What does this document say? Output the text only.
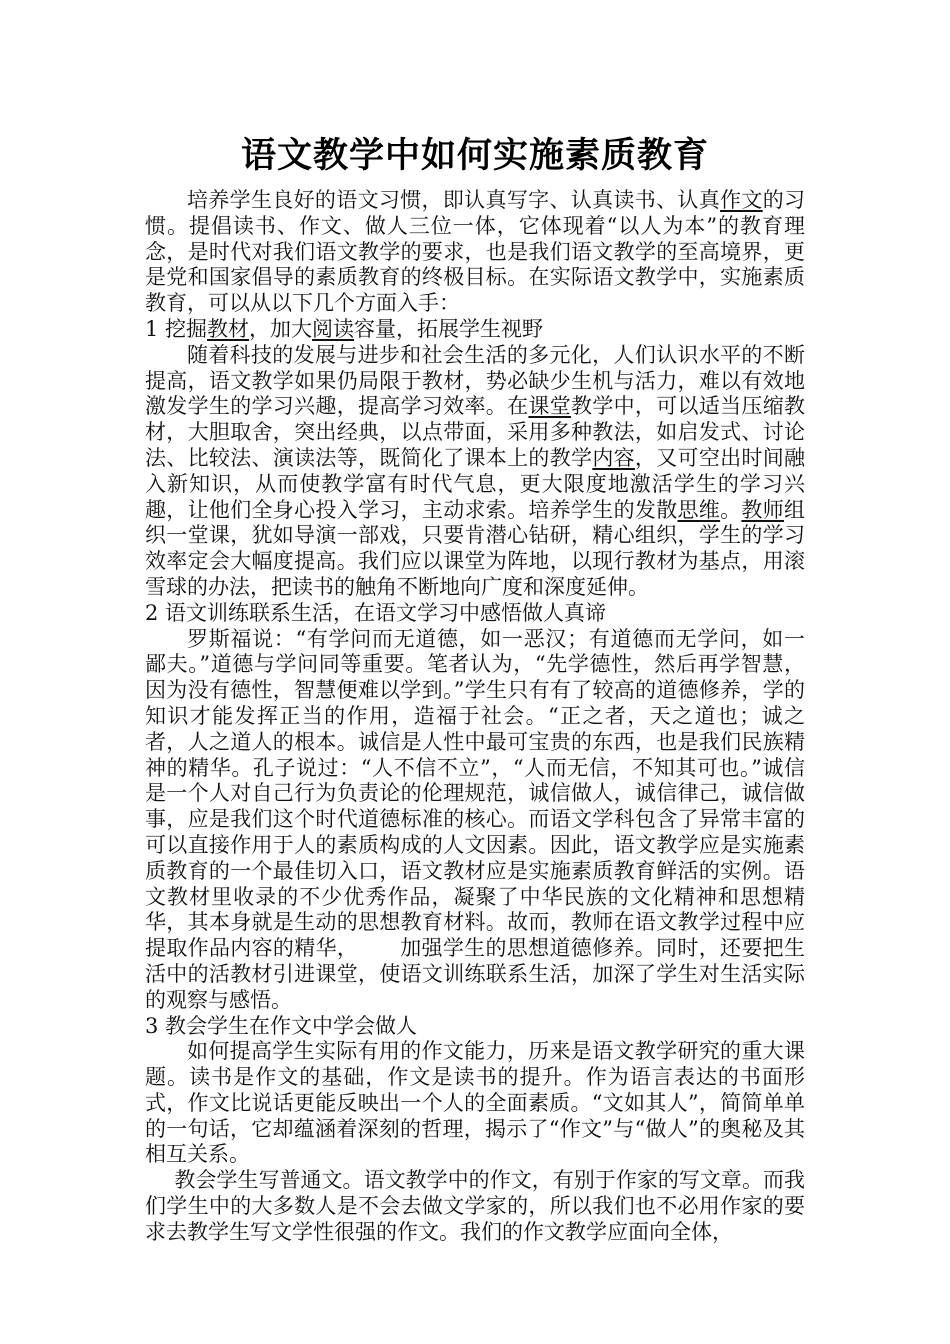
语文教学中如何实施素质教育

培养学生良好的语文习惯，即认真写字、认真读书、认真作文的习惯。提倡读书、作文、做人三位一体，它体现着“以人为本”的教育理念，是时代对我们语文教学的要求，也是我们语文教学的至高境界，更是党和国家倡导的素质教育的终极目标。在实际语文教学中，实施素质教育，可以从以下几个方面入手：

1 挖掘教材，加大阅读容量，拓展学生视野

随着科技的发展与进步和社会生活的多元化，人们认识水平的不断提高，语文教学如果仍局限于教材，势必缺少生机与活力，难以有效地激发学生的学习兴趣，提高学习效率。在课堂教学中，可以适当压缩教材，大胆取舍，突出经典，以点带面，采用多种教法，如启发式、讨论法、比较法、演读法等，既简化了课本上的教学内容，又可空出时间融入新知识，从而使教学富有时代气息，更大限度地激活学生的学习兴趣，让他们全身心投入学习，主动求索。培养学生的发散思维。教师组织一堂课，犹如导演一部戏，只要肯潜心钻研，精心组织，学生的学习效率定会大幅度提高。我们应以课堂为阵地，以现行教材为基点，用滚雪球的办法，把读书的触角不断地向广度和深度延伸。

2 语文训练联系生活，在语文学习中感悟做人真谛

罗斯福说：“有学问而无道德，如一恶汉；有道德而无学问，如一鄙夫。”道德与学问同等重要。笔者认为，“先学德性，然后再学智慧，因为没有德性，智慧便难以学到。”学生只有有了较高的道德修养，学的知识才能发挥正当的作用，造福于社会。“正之者，天之道也；诚之者，人之道人的根本。诚信是人性中最可宝贵的东西，也是我们民族精神的精华。孔子说过：“人不信不立”，“人而无信，不知其可也。”诚信是一个人对自己行为负责论的伦理规范，诚信做人，诚信律己，诚信做事，应是我们这个时代道德标准的核心。而语文学科包含了异常丰富的可以直接作用于人的素质构成的人文因素。因此，语文教学应是实施素质教育的一个最佳切入口，语文教材应是实施素质教育鲜活的实例。语文教材里收录的不少优秀作品，凝聚了中华民族的文化精神和思想精华，其本身就是生动的思想教育材料。故而，教师在语文教学过程中应提取作品内容的精华，      加强学生的思想道德修养。同时，还要把生活中的活教材引进课堂，使语文训练联系生活，加深了学生对生活实际的观察与感悟。

3 教会学生在作文中学会做人

如何提高学生实际有用的作文能力，历来是语文教学研究的重大课题。读书是作文的基础，作文是读书的提升。作为语言表达的书面形式，作文比说话更能反映出一个人的全面素质。“文如其人”，简简单单的一句话，它却蕴涵着深刻的哲理，揭示了“作文”与“做人”的奥秘及其相互关系。

教会学生写普通文。语文教学中的作文，有别于作家的写文章。而我们学生中的大多数人是不会去做文学家的，所以我们也不必用作家的要求去教学生写文学性很强的作文。我们的作文教学应面向全体，
